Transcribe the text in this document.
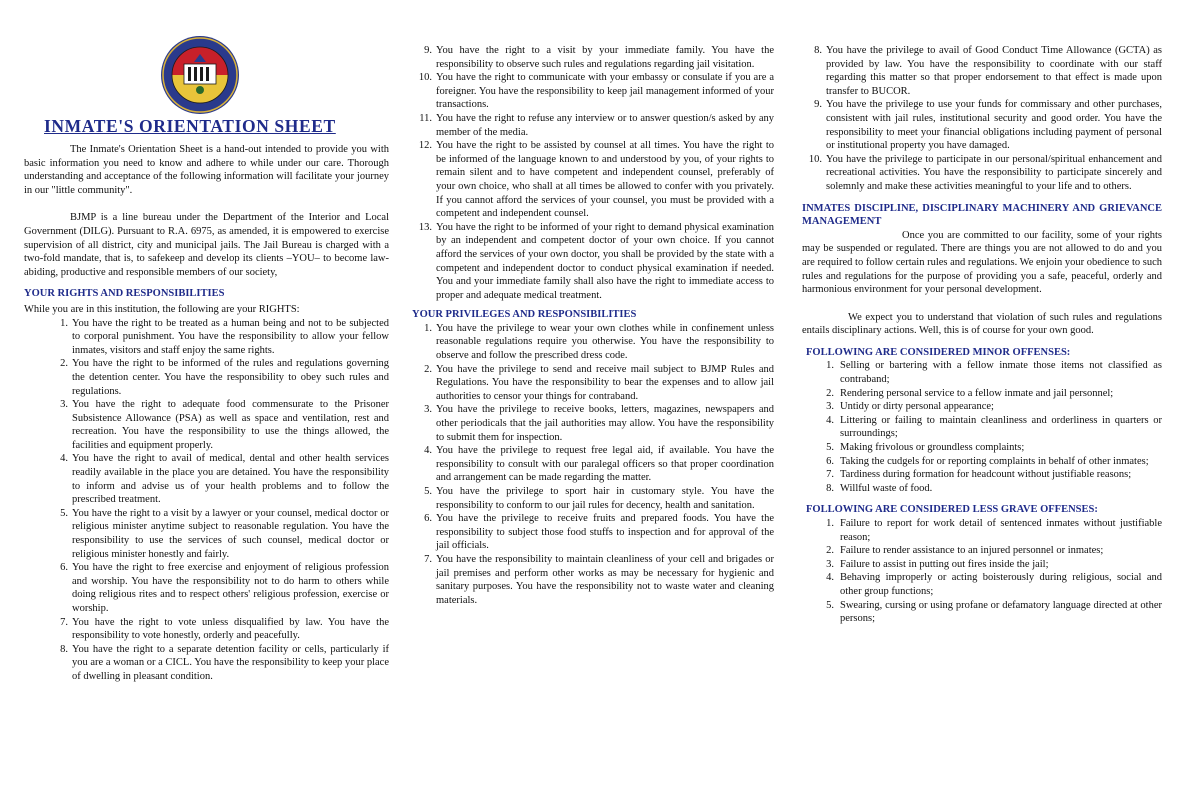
INMATE'S ORIENTATION SHEET

The Inmate's Orientation Sheet is a hand-out intended to provide you with basic information you need to know and adhere to while under our care. Thorough understanding and acceptance of the following information will facilitate your journey in our "little community".

BJMP is a line bureau under the Department of the Interior and Local Government (DILG). Pursuant to R.A. 6975, as amended, it is empowered to exercise supervision of all district, city and municipal jails. The Jail Bureau is charged with a two-fold mandate, that is, to safekeep and develop its clients –YOU– to become law-abiding, productive and responsible members of our society,

YOUR RIGHTS AND RESPONSIBILITIES

While you are in this institution, the following are your RIGHTS:

1. You have the right to be treated as a human being and not to be subjected to corporal punishment. You have the responsibility to allow your fellow inmates, visitors and staff enjoy the same rights.
2. You have the right to be informed of the rules and regulations governing the detention center. You have the responsibility to obey such rules and regulations.
3. You have the right to adequate food commensurate to the Prisoner Subsistence Allowance (PSA) as well as space and ventilation, rest and recreation. You have the responsibility to use the things allowed, the facilities and equipment properly.
4. You have the right to avail of medical, dental and other health services readily available in the place you are detained. You have the responsibility to inform and advise us of your health problems and to follow the prescribed treatment.
5. You have the right to a visit by a lawyer or your counsel, medical doctor or religious minister anytime subject to reasonable regulation. You have the responsibility to use the services of such counsel, medical doctor or religious minister honestly and fairly.
6. You have the right to free exercise and enjoyment of religious profession and worship. You have the responsibility not to do harm to others while doing religious rites and to respect others' religious profession, exercise or worship.
7. You have the right to vote unless disqualified by law. You have the responsibility to vote honestly, orderly and peacefully.
8. You have the right to a separate detention facility or cells, particularly if you are a woman or a CICL. You have the responsibility to keep your place of dwelling in pleasant condition.
9. You have the right to a visit by your immediate family. You have the responsibility to observe such rules and regulations regarding jail visitation.
10. You have the right to communicate with your embassy or consulate if you are a foreigner. You have the responsibility to keep jail management informed of your transactions.
11. You have the right to refuse any interview or to answer question/s asked by any member of the media.
12. You have the right to be assisted by counsel at all times. You have the right to be informed of the language known to and understood by you, of your rights to remain silent and to have competent and independent counsel, preferably of your own choice, who shall at all times be allowed to confer with you privately. If you cannot afford the services of your counsel, you must be provided with a competent and independent counsel.
13. You have the right to be informed of your right to demand physical examination by an independent and competent doctor of your own choice. If you cannot afford the services of your own doctor, you shall be provided by the state with a competent and independent doctor to conduct physical examination if needed. You and your immediate family shall also have the right to immediate access to proper and adequate medical treatment.

YOUR PRIVILEGES AND RESPONSIBILITIES

1. You have the privilege to wear your own clothes while in confinement unless reasonable regulations require you otherwise. You have the responsibility to observe and follow the prescribed dress code.
2. You have the privilege to send and receive mail subject to BJMP Rules and Regulations. You have the responsibility to bear the expenses and to allow jail authorities to censor your things for contraband.
3. You have the privilege to receive books, letters, magazines, newspapers and other periodicals that the jail authorities may allow. You have the responsibility to submit them for inspection.
4. You have the privilege to request free legal aid, if available. You have the responsibility to consult with our paralegal officers so that proper coordination and arrangement can be made regarding the matter.
5. You have the privilege to sport hair in customary style. You have the responsibility to conform to our jail rules for decency, health and sanitation.
6. You have the privilege to receive fruits and prepared foods. You have the responsibility to subject those food stuffs to inspection and for approval of the jail officials.
7. You have the responsibility to maintain cleanliness of your cell and brigades or jail premises and perform other works as may be necessary for hygienic and sanitary purposes. You have the responsibility not to waste water and cleaning materials.
8. You have the privilege to avail of Good Conduct Time Allowance (GCTA) as provided by law. You have the responsibility to coordinate with our staff regarding this matter so that proper endorsement to that effect is made upon transfer to BUCOR.
9. You have the privilege to use your funds for commissary and other purchases, consistent with jail rules, institutional security and good order. You have the responsibility to meet your financial obligations including payment of personal or institutional property you have damaged.
10. You have the privilege to participate in our personal/spiritual enhancement and recreational activities. You have the responsibility to participate sincerely and solemnly and make these activities meaningful to your life and to others.

INMATES DISCIPLINE, DISCIPLINARY MACHINERY AND GRIEVANCE MANAGEMENT

Once you are committed to our facility, some of your rights may be suspended or regulated. There are things you are not allowed to do and you are required to follow certain rules and regulations. We enjoin your obedience to such rules and regulations for the purpose of providing you a safe, peaceful, orderly and harmonious environment for your personal development.

We expect you to understand that violation of such rules and regulations entails disciplinary actions. Well, this is of course for your own good.

FOLLOWING ARE CONSIDERED MINOR OFFENSES:

1. Selling or bartering with a fellow inmate those items not classified as contraband;
2. Rendering personal service to a fellow inmate and jail personnel;
3. Untidy or dirty personal appearance;
4. Littering or failing to maintain cleanliness and orderliness in quarters or surroundings;
5. Making frivolous or groundless complaints;
6. Taking the cudgels for or reporting complaints in behalf of other inmates;
7. Tardiness during formation for headcount without justifiable reasons;
8. Willful waste of food.

FOLLOWING ARE CONSIDERED LESS GRAVE OFFENSES:

1. Failure to report for work detail of sentenced inmates without justifiable reason;
2. Failure to render assistance to an injured personnel or inmates;
3. Failure to assist in putting out fires inside the jail;
4. Behaving improperly or acting boisterously during religious, social and other group functions;
5. Swearing, cursing or using profane or defamatory language directed at other persons;
